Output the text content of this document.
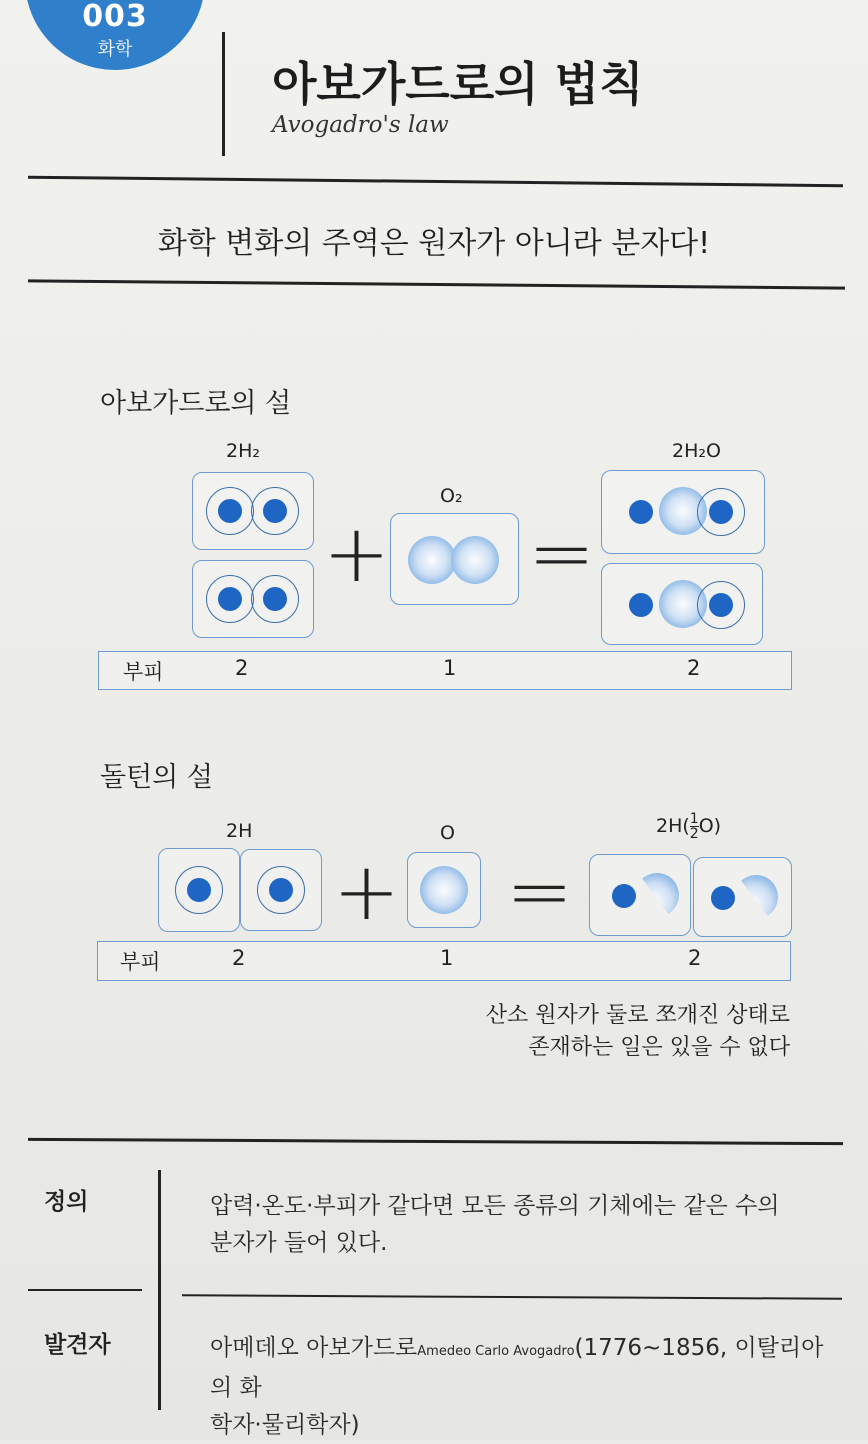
003
화학
아보가드로의 법칙
Avogadro's law
화학 변화의 주역은 원자가 아니라 분자다!
아보가드로의 설
2H₂
O₂
2H₂O
+ =
부피	2	1	2
돌턴의 설
2H	O	$2H( \frac{1}{2} O)$
+ =
부피	2	1	2
산소 원자가 둘로 쪼개진 상태로
존재하는 일은 있을 수 없다
정의	압력·온도·부피가 같다면 모든 종류의 기체에는 같은 수의
분자가 들어 있다.
발견자	아메데오 아보가드로Amedeo Carlo Avogadro(1776~1856, 이탈리아의 화
학자·물리학자)
